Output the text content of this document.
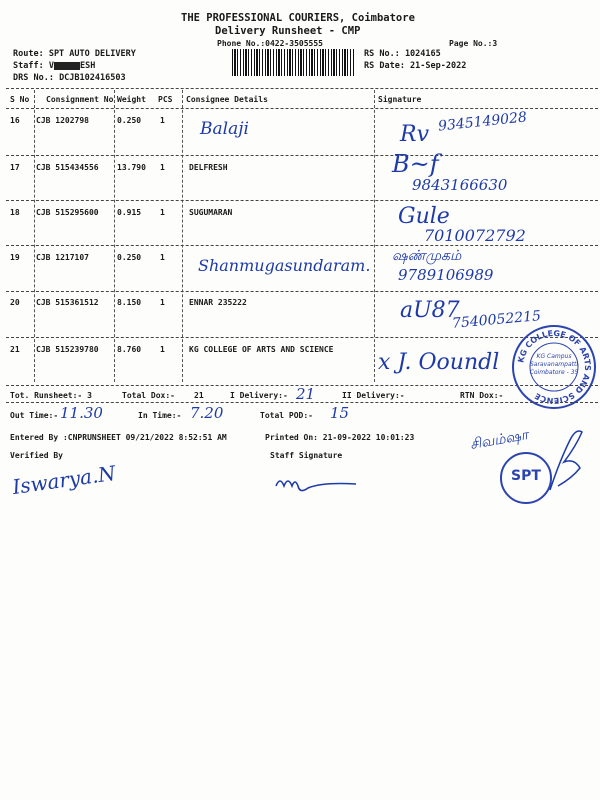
THE PROFESSIONAL COURIERS, Coimbatore
Delivery Runsheet - CMP
Phone No.:0422-3505555	Page No.:3
Route: SPT AUTO DELIVERY
Staff: V	ESH
DRS No.: DCJB102416503
RS No.: 1024165
RS Date: 21-Sep-2022
S No Consignment No Weight PCS Consignee Details	Signature
16 CJB 1202798	0.250 1 Balaji	Rv 9345149028
17 CJB 515434556 13.790 1	DELFRESH	B~f
9843166630
18 CJB 515295600 0.915 1	SUGUMARAN	Gule
7010072792
19 CJB 1217107	0.250 1 Shanmugasundaram. ஷண்முகம்
9789106989
20 CJB 515361512 8.150 1	ENNAR 235222	aU87
7540052215
21 CJB 515239780 8.760 1	KG COLLEGE OF ARTS AND SCIENCE
x J. Ooundl KG COLLEGE OF ARTS AND SCIENCE
KG Campus
Saravanampatti
Coimbatore - 35
Tot. Runsheet:- 3	Total Dox:- 21	I Delivery:- 21	II Delivery:-	RTN Dox:-
Out Time:- 11.30	In Time:- 7.20	Total POD:- 15
Entered By :CNPRUNSHEET 09/21/2022 8:52:51 AM	Printed On: 21-09-2022 10:01:23
Verified By	Staff Signature
Iswarya.N	SPT
சிவம்ஷா
